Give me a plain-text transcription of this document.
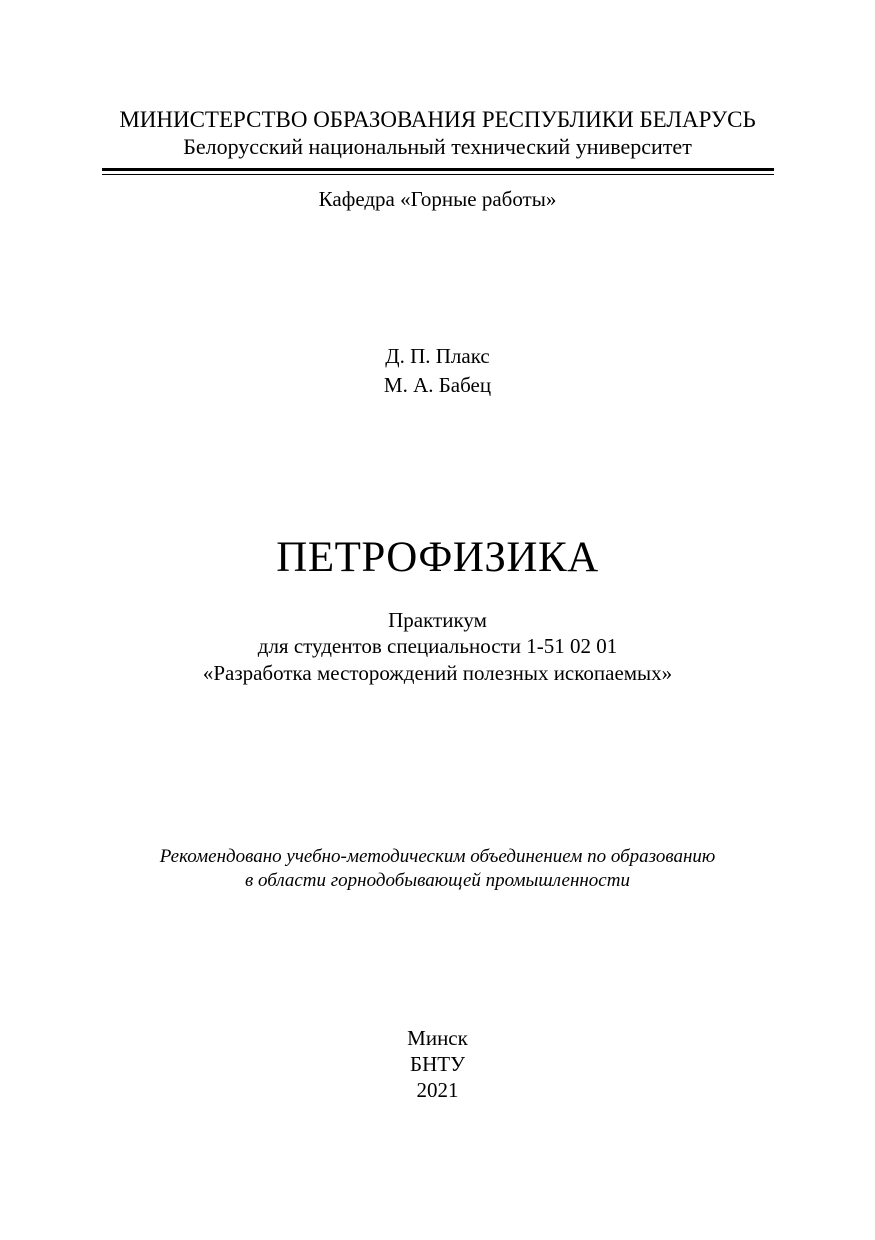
МИНИСТЕРСТВО ОБРАЗОВАНИЯ РЕСПУБЛИКИ БЕЛАРУСЬ
Белорусский национальный технический университет
Кафедра «Горные работы»
Д. П. Плакс
М. А. Бабец
ПЕТРОФИЗИКА
Практикум
для студентов специальности 1-51 02 01
«Разработка месторождений полезных ископаемых»
Рекомендовано учебно-методическим объединением по образованию
в области горнодобывающей промышленности
Минск
БНТУ
2021
